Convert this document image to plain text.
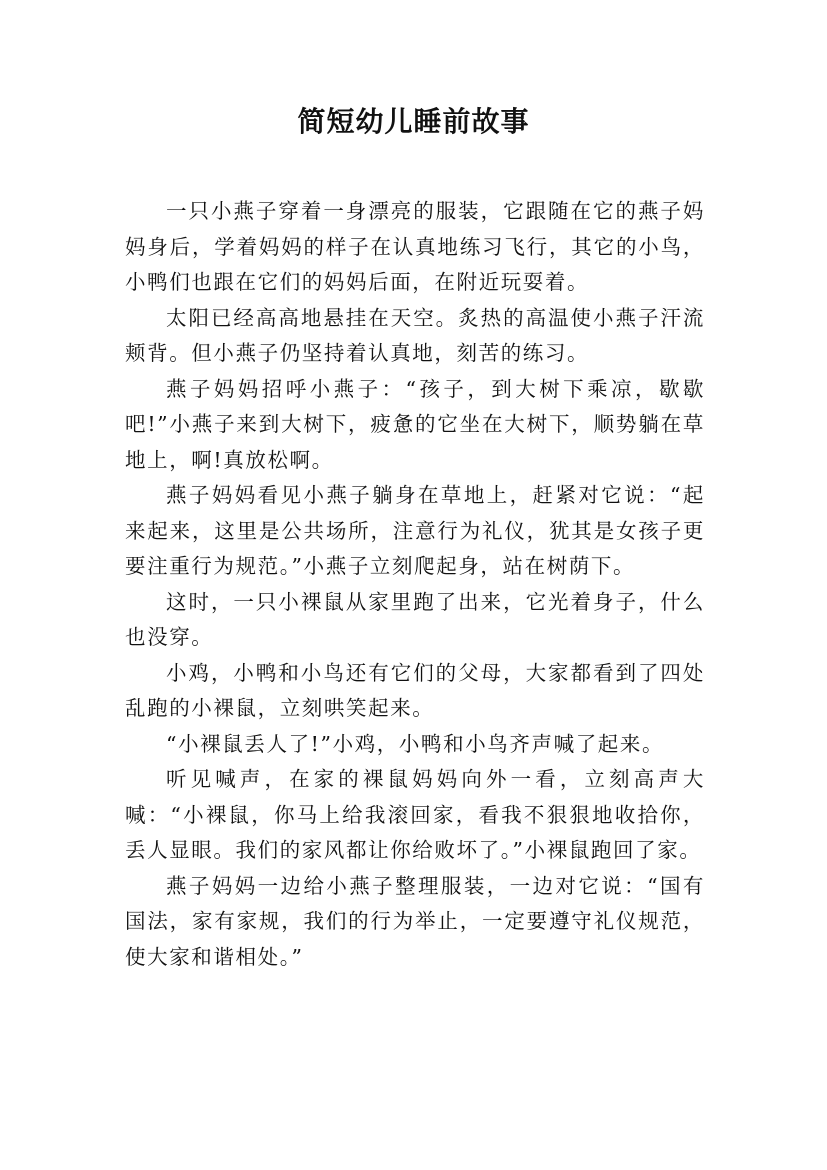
简短幼儿睡前故事

一只小燕子穿着一身漂亮的服装，它跟随在它的燕子妈妈身后，学着妈妈的样子在认真地练习飞行，其它的小鸟，小鸭们也跟在它们的妈妈后面，在附近玩耍着。

太阳已经高高地悬挂在天空。炙热的高温使小燕子汗流颊背。但小燕子仍坚持着认真地，刻苦的练习。

燕子妈妈招呼小燕子：“孩子，到大树下乘凉，歇歇吧!”小燕子来到大树下，疲惫的它坐在大树下，顺势躺在草地上，啊!真放松啊。

燕子妈妈看见小燕子躺身在草地上，赶紧对它说：“起来起来，这里是公共场所，注意行为礼仪，犹其是女孩子更要注重行为规范。”小燕子立刻爬起身，站在树荫下。

这时，一只小裸鼠从家里跑了出来，它光着身子，什么也没穿。

小鸡，小鸭和小鸟还有它们的父母，大家都看到了四处乱跑的小裸鼠，立刻哄笑起来。

“小裸鼠丢人了!”小鸡，小鸭和小鸟齐声喊了起来。

听见喊声，在家的裸鼠妈妈向外一看，立刻高声大喊：“小裸鼠，你马上给我滚回家，看我不狠狠地收拾你，丢人显眼。我们的家风都让你给败坏了。”小裸鼠跑回了家。

燕子妈妈一边给小燕子整理服装，一边对它说：“国有国法，家有家规，我们的行为举止，一定要遵守礼仪规范，使大家和谐相处。”
